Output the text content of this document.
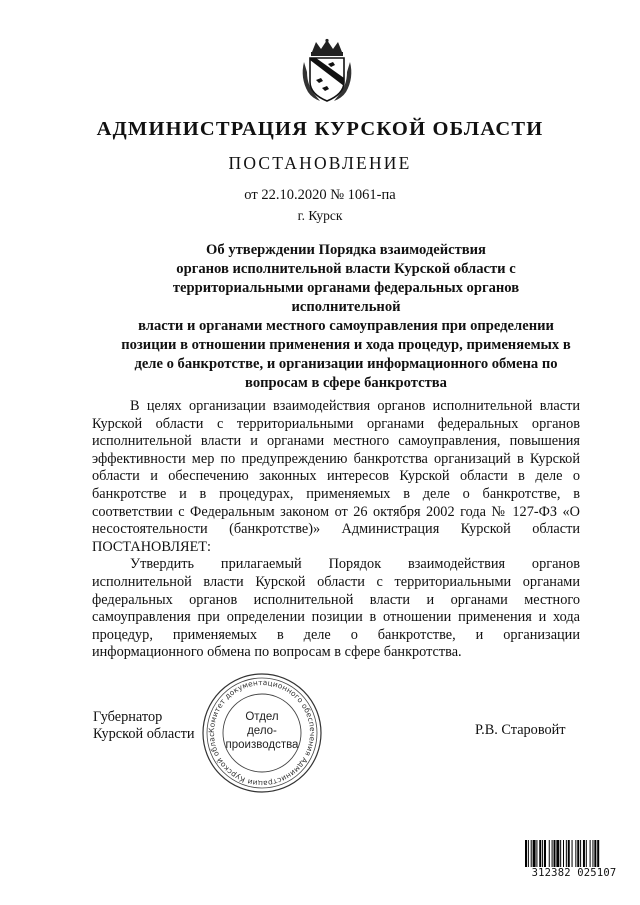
АДМИНИСТРАЦИЯ КУРСКОЙ ОБЛАСТИ
ПОСТАНОВЛЕНИЕ
от 22.10.2020 № 1061-па
г. Курск
Об утверждении Порядка взаимодействия
органов исполнительной власти Курской области с
территориальными органами федеральных органов исполнительной
власти и органами местного самоуправления при определении
позиции в отношении применения и хода процедур, применяемых в
деле о банкротстве, и организации информационного обмена по
вопросам в сфере банкротства

В целях организации взаимодействия органов исполнительной власти Курской области с территориальными органами федеральных органов исполнительной власти и органами местного самоуправления, повышения эффективности мер по предупреждению банкротства организаций в Курской области и обеспечению законных интересов Курской области в деле о банкротстве и в процедурах, применяемых в деле о банкротстве, в соответствии с Федеральным законом от 26 октября 2002 года № 127-ФЗ «О несостоятельности (банкротстве)» Администрация Курской области ПОСТАНОВЛЯЕТ:

Утвердить прилагаемый Порядок взаимодействия органов исполнительной власти Курской области с территориальными органами федеральных органов исполнительной власти и органами местного самоуправления при определении позиции в отношении применения и хода процедур, применяемых в деле о банкротстве, и организации информационного обмена по вопросам в сфере банкротства.

Губернатор
Курской области	Р.В. Старовойт
Комитет документационного обеспечения Администрации Курской облас
Отдел
дело-
производства
312382 025107
